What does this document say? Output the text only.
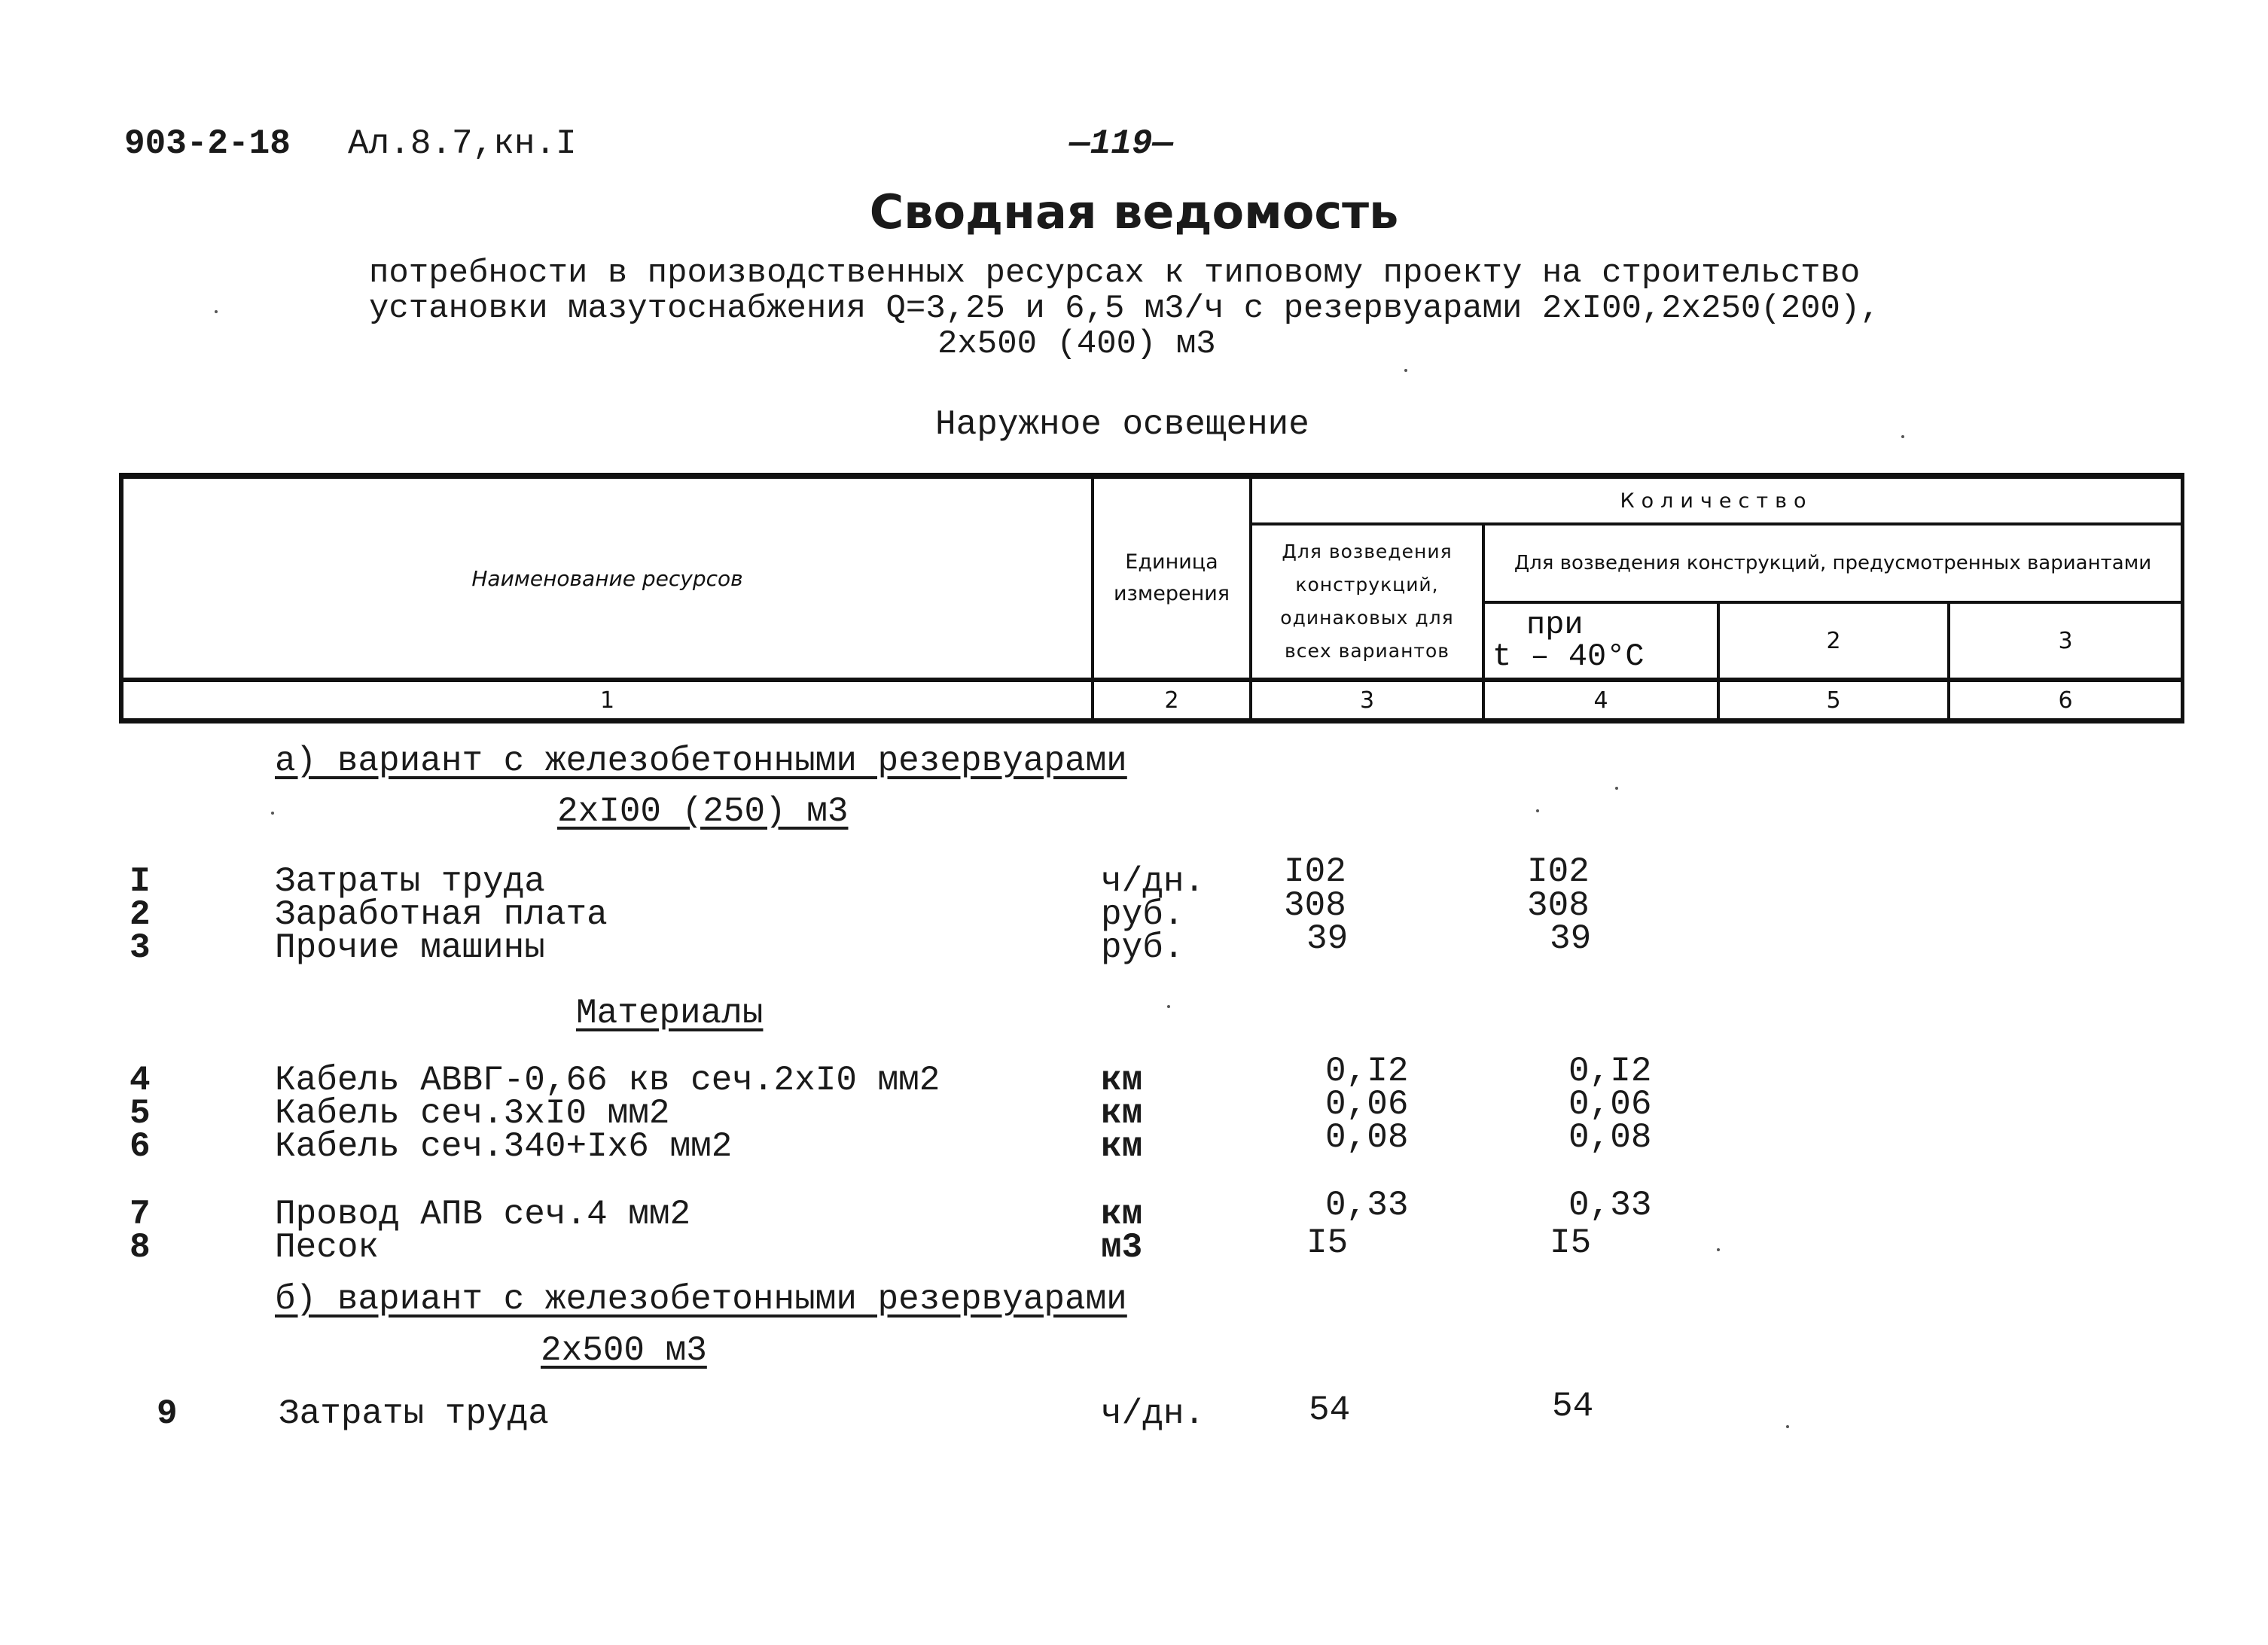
903-2-18 Ал.8.7,кн.I	—119—
Сводная ведомость
потребности в производственных ресурсах к типовому проекту на строительство
установки мазутоснабжения Q=3,25 и 6,5 м3/ч с резервуарами 2хI00,2х250(200),
2х500 (400) м3
Наружное освещение
Наименование ресурсов
Единица измерения
Количество
Для возведения конструкций, одинаковых для всех вариантов
Для возведения конструкций, предусмотренных вариантами
при
t – 40°C	2	3
1	2	3	4	5	6
а) вариант с железобетонными резервуарами
2хI00 (250) м3
I	Затраты труда	ч/дн. I02	I02
2	Заработная плата	руб.	308	308
3	Прочие машины	руб.	39	39
Материалы
4	Кабель АВВГ-0,66 кв сеч.2хI0 мм2	км	0,I2	0,I2
5	Кабель сеч.3хI0 мм2	км	0,06	0,06
6	Кабель сеч.340+Iх6 мм2	км	0,08	0,08
7	Провод АПВ сеч.4 мм2	км	0,33	0,33
8	Песок	м3	I5	I5
б) вариант с железобетонными резервуарами
2х500 м3
9	Затраты труда	ч/дн.	54	54
